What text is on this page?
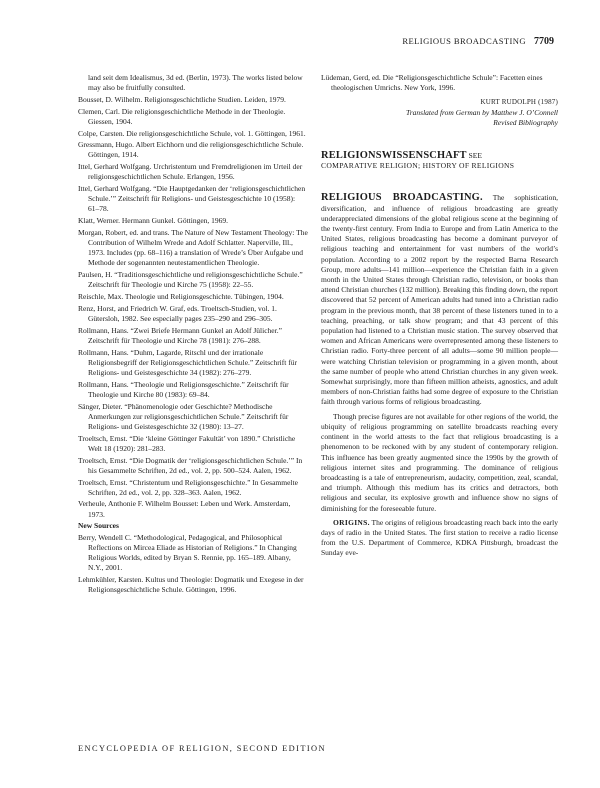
RELIGIOUS BROADCASTING 7709
land seit dem Idealismus, 3d ed. (Berlin, 1973). The works listed below may also be fruitfully consulted.
Bousset, D. Wilhelm. Religionsgeschichtliche Studien. Leiden, 1979.
Clemen, Carl. Die religionsgeschichtliche Methode in der Theologie. Giessen, 1904.
Colpe, Carsten. Die religionsgeschichtliche Schule, vol. 1. Göttingen, 1961.
Gressmann, Hugo. Albert Eichhorn und die religionsgeschichtliche Schule. Göttingen, 1914.
Ittel, Gerhard Wolfgang. Urchristentum und Fremdreligionen im Urteil der religionsgeschichtlichen Schule. Erlangen, 1956.
Ittel, Gerhard Wolfgang. “Die Hauptgedanken der ‘religionsgeschichtlichen Schule.’” Zeitschrift für Religions- und Geistesgeschichte 10 (1958): 61–78.
Klatt, Werner. Hermann Gunkel. Göttingen, 1969.
Morgan, Robert, ed. and trans. The Nature of New Testament Theology: The Contribution of Wilhelm Wrede and Adolf Schlatter. Naperville, Ill., 1973. Includes (pp. 68–116) a translation of Wrede’s Über Aufgabe und Methode der sogenannten neutestamentlichen Theologie.
Paulsen, H. “Traditionsgeschichtliche und religionsgeschichtliche Schule.” Zeitschrift für Theologie und Kirche 75 (1958): 22–55.
Reischle, Max. Theologie und Religionsgeschichte. Tübingen, 1904.
Renz, Horst, and Friedrich W. Graf, eds. Troeltsch-Studien, vol. 1. Gütersloh, 1982. See especially pages 235–290 and 296–305.
Rollmann, Hans. “Zwei Briefe Hermann Gunkel an Adolf Jülicher.” Zeitschrift für Theologie und Kirche 78 (1981): 276–288.
Rollmann, Hans. “Duhm, Lagarde, Ritschl und der irrationale Religionsbegriff der Religionsgeschichtlichen Schule.” Zeitschrift für Religions- und Geistesgeschichte 34 (1982): 276–279.
Rollmann, Hans. “Theologie und Religionsgeschichte.” Zeitschrift für Theologie und Kirche 80 (1983): 69–84.
Sänger, Dieter. “Phänomenologie oder Geschichte? Methodische Anmerkungen zur religionsgeschichtlichen Schule.” Zeitschrift für Religions- und Geistesgeschichte 32 (1980): 13–27.
Troeltsch, Ernst. “Die ‘kleine Göttinger Fakultät’ von 1890.” Christliche Welt 18 (1920): 281–283.
Troeltsch, Ernst. “Die Dogmatik der ‘religionsgeschichtlichen Schule.’” In his Gesammelte Schriften, 2d ed., vol. 2, pp. 500–524. Aalen, 1962.
Troeltsch, Ernst. “Christentum und Religionsgeschichte.” In Gesammelte Schriften, 2d ed., vol. 2, pp. 328–363. Aalen, 1962.
Verheule, Anthonie F. Wilhelm Bousset: Leben und Werk. Amsterdam, 1973.
New Sources
Berry, Wendell C. “Methodological, Pedagogical, and Philosophical Reflections on Mircea Eliade as Historian of Religions.” In Changing Religious Worlds, edited by Bryan S. Rennie, pp. 165–189. Albany, N.Y., 2001.
Lehmkühler, Karsten. Kultus und Theologie: Dogmatik und Exegese in der Religionsgeschichtliche Schule. Göttingen, 1996.
Lüdeman, Gerd, ed. Die “Religionsgeschichtliche Schule”: Facetten eines theologischen Umrichs. New York, 1996.
KURT RUDOLPH (1987)
Translated from German by Matthew J. O’Connell
Revised Bibliography
RELIGIONSWISSENSCHAFT SEE
COMPARATIVE RELIGION; HISTORY OF RELIGIONS
RELIGIOUS BROADCASTING. The sophistication, diversification, and influence of religious broadcasting are greatly underappreciated dimensions of the global religious scene at the beginning of the twenty-first century. From India to Europe and from Latin America to the United States, religious broadcasting has become a dominant purveyor of religious teaching and entertainment for vast numbers of the world’s population. According to a 2002 report by the respected Barna Research Group, more adults—141 million—experience the Christian faith in a given month in the United States through Christian radio, television, or books than attend Christian churches (132 million). Breaking this finding down, the report discovered that 52 percent of American adults had tuned into a Christian radio program in the previous month, that 38 percent of these listeners tuned in to a teaching, preaching, or talk show program; and that 43 percent of this population had listened to a Christian music station. The survey observed that women and African Americans were overrepresented among these listeners to Christian radio. Forty-three percent of all adults—some 90 million people—were watching Christian television or programming in a given month, about the same number of people who attend Christian churches in any given week. Somewhat surprisingly, more than fifteen million atheists, agnostics, and adult members of non-Christian faiths had some degree of exposure to the Christian faith through various forms of religious broadcasting.
Though precise figures are not available for other regions of the world, the ubiquity of religious programming on satellite broadcasts reaching every continent in the world attests to the fact that religious broadcasting is a phenomenon to be reckoned with by any student of contemporary religion. This influence has been greatly augmented since the 1990s by the growth of religious internet sites and programming. The dominance of religious broadcasting is a tale of entrepreneurism, audacity, competition, zeal, scandal, and triumph. Although this medium has its critics and detractors, both religious and secular, its explosive growth and influence show no signs of diminishing for the foreseeable future.
ORIGINS. The origins of religious broadcasting reach back into the early days of radio in the United States. The first station to receive a radio license from the U.S. Department of Commerce, KDKA Pittsburgh, broadcast the Sunday eve-
ENCYCLOPEDIA OF RELIGION, SECOND EDITION
